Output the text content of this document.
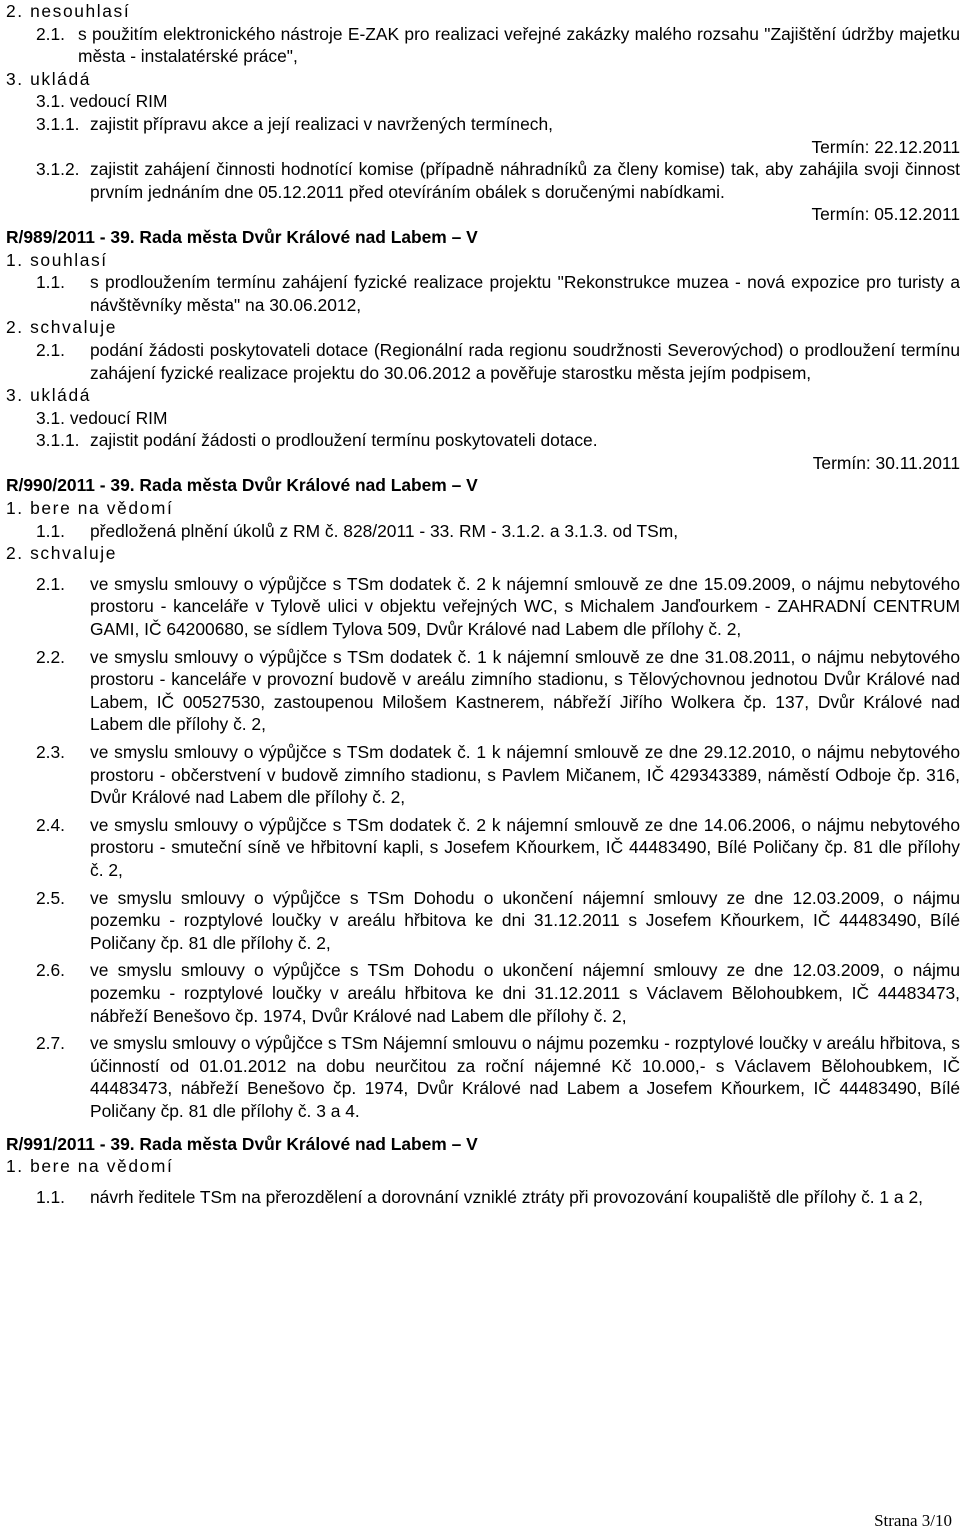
2. nesouhlasí
2.1. s použitím elektronického nástroje E-ZAK pro realizaci veřejné zakázky malého rozsahu "Zajištění údržby majetku města - instalatérské práce",
3. ukládá
3.1. vedoucí RIM
3.1.1. zajistit přípravu akce a její realizaci v navržených termínech,
Termín: 22.12.2011
3.1.2. zajistit zahájení činnosti hodnotící komise (případně náhradníků za členy komise) tak, aby zahájila svoji činnost prvním jednáním dne 05.12.2011 před otevíráním obálek s doručenými nabídkami.
Termín: 05.12.2011
R/989/2011 - 39. Rada města Dvůr Králové nad Labem – V
1. souhlasí
1.1.	s prodloužením termínu zahájení fyzické realizace projektu "Rekonstrukce muzea - nová expozice pro turisty a návštěvníky města" na 30.06.2012,
2. schvaluje
2.1.	podání žádosti poskytovateli dotace (Regionální rada regionu soudržnosti Severovýchod) o prodloužení termínu zahájení fyzické realizace projektu do 30.06.2012 a pověřuje starostku města jejím podpisem,
3. ukládá
3.1. vedoucí RIM
3.1.1. zajistit podání žádosti o prodloužení termínu poskytovateli dotace.
Termín: 30.11.2011
R/990/2011 - 39. Rada města Dvůr Králové nad Labem – V
1. bere na vědomí
1.1.	předložená plnění úkolů z RM č. 828/2011 - 33. RM - 3.1.2. a 3.1.3. od TSm,
2. schvaluje
2.1.	ve smyslu smlouvy o výpůjčce s TSm dodatek č. 2 k nájemní smlouvě ze dne 15.09.2009, o nájmu nebytového prostoru - kanceláře v Tylově ulici v objektu veřejných WC, s Michalem Janďourkem - ZAHRADNÍ CENTRUM GAMI, IČ 64200680, se sídlem Tylova 509, Dvůr Králové nad Labem dle přílohy č. 2,
2.2.	ve smyslu smlouvy o výpůjčce s TSm dodatek č. 1 k nájemní smlouvě ze dne 31.08.2011, o nájmu nebytového prostoru - kanceláře v provozní budově v areálu zimního stadionu, s Tělovýchovnou jednotou Dvůr Králové nad Labem, IČ 00527530, zastoupenou Milošem Kastnerem, nábřeží Jiřího Wolkera čp. 137, Dvůr Králové nad Labem dle přílohy č. 2,
2.3.	ve smyslu smlouvy o výpůjčce s TSm dodatek č. 1 k nájemní smlouvě ze dne 29.12.2010, o nájmu nebytového prostoru - občerstvení v budově zimního stadionu, s Pavlem Mičanem, IČ 429343389, náměstí Odboje čp. 316, Dvůr Králové nad Labem dle přílohy č. 2,
2.4.	ve smyslu smlouvy o výpůjčce s TSm dodatek č. 2 k nájemní smlouvě ze dne 14.06.2006, o nájmu nebytového prostoru - smuteční síně ve hřbitovní kapli, s Josefem Kňourkem, IČ 44483490, Bílé Poličany čp. 81 dle přílohy č. 2,
2.5.	ve smyslu smlouvy o výpůjčce s TSm Dohodu o ukončení nájemní smlouvy ze dne 12.03.2009, o nájmu pozemku - rozptylové loučky v areálu hřbitova ke dni 31.12.2011 s Josefem Kňourkem, IČ 44483490, Bílé Poličany čp. 81 dle přílohy č. 2,
2.6.	ve smyslu smlouvy o výpůjčce s TSm Dohodu o ukončení nájemní smlouvy ze dne 12.03.2009, o nájmu pozemku - rozptylové loučky v areálu hřbitova ke dni 31.12.2011 s Václavem Bělohoubkem, IČ 44483473, nábřeží Benešovo čp. 1974, Dvůr Králové nad Labem dle přílohy č. 2,
2.7.	ve smyslu smlouvy o výpůjčce s TSm Nájemní smlouvu o nájmu pozemku - rozptylové loučky v areálu hřbitova, s účinností od 01.01.2012 na dobu neurčitou za roční nájemné Kč 10.000,- s Václavem Bělohoubkem, IČ 44483473, nábřeží Benešovo čp. 1974, Dvůr Králové nad Labem a Josefem Kňourkem, IČ 44483490, Bílé Poličany čp. 81 dle přílohy č. 3 a 4.
R/991/2011 - 39. Rada města Dvůr Králové nad Labem – V
1. bere na vědomí
1.1.	návrh ředitele TSm na přerozdělení a dorovnání vzniklé ztráty při provozování koupaliště dle přílohy č. 1 a 2,
Strana 3/10
